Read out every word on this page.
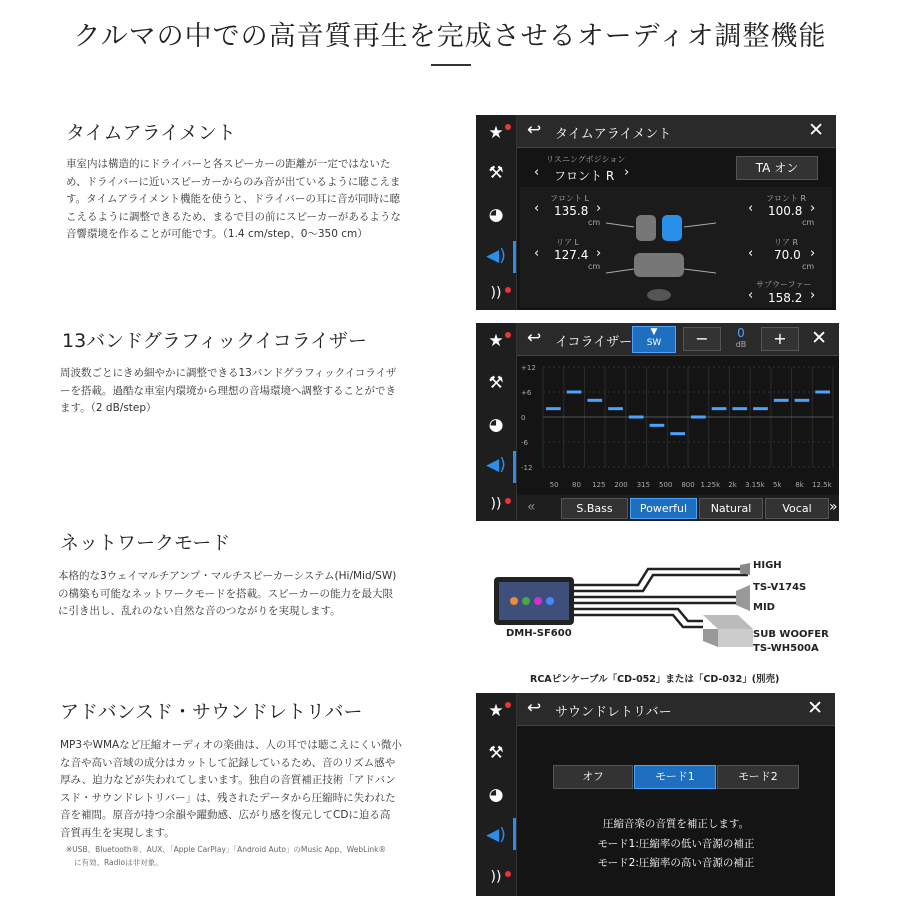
クルマの中での高音質再生を完成させるオーディオ調整機能
タイムアライメント
車室内は構造的にドライバーと各スピーカーの距離が一定ではないた
め、ドライバーに近いスピーカーからのみ音が出ているように聴こえま
す。タイムアライメント機能を使うと、ドライバーの耳に音が同時に聴
こえるように調整できるため、まるで目の前にスピーカーがあるような
音響環境を作ることが可能です。（1.4 cm/step、0〜350 cm）
13バンドグラフィックイコライザー
周波数ごとにきめ細やかに調整できる13バンドグラフィックイコライザ
ーを搭載。過酷な車室内環境から理想の音場環境へ調整することができ
ます。（2 dB/step）
ネットワークモード
本格的な3ウェイマルチアンプ・マルチスピーカーシステム(Hi/Mid/SW)
の構築も可能なネットワークモードを搭載。スピーカーの能力を最大限
に引き出し、乱れのない自然な音のつながりを実現します。
アドバンスド・サウンドレトリバー
MP3やWMAなど圧縮オーディオの楽曲は、人の耳では聴こえにくい微小
な音や高い音域の成分はカットして記録しているため、音のリズム感や
厚み、迫力などが失われてしまいます。独自の音質補正技術「アドバン
スド・サウンドレトリバー」は、残されたデータから圧縮時に失われた
音を補間。原音が持つ余韻や躍動感、広がり感を復元してCDに迫る高
音質再生を実現します。
※USB、Bluetooth®、AUX、「Apple CarPlay」「Android Auto」のMusic App、WebLink®
に有効、Radioは非対象。
★
⚒
◕
◀)
))
↩ タイムアライメント	✕
リスニングポジション
‹ フロント R ›	TA オン
フロント L
‹ 135.8 ›
cm
フロント R
‹ 100.8 ›
cm
リア L
‹ 127.4 ›
cm
リア R
‹ 70.0 ›
cm
サブウーファー
‹ 158.2 ›
★
⚒
◕
◀)
))
↩ イコライザー
▼
SW	−	0
dB	+	✕
+12
+6
0
-6
-12
50 80 125 200 315 500 800 1.25k 2k 3.15k 5k 8k 12.5k
«	S.Bass	Powerful	Natural	Vocal	»
DMH-SF600
HIGH
TS-V174S
MID
SUB WOOFER
TS-WH500A
RCAピンケーブル「CD-052」または「CD-032」(別売)
★
⚒
◕
◀)
))
↩ サウンドレトリバー	✕
オフ	モード1	モード2
圧縮音楽の音質を補正します。
モード1:圧縮率の低い音源の補正
モード2:圧縮率の高い音源の補正
